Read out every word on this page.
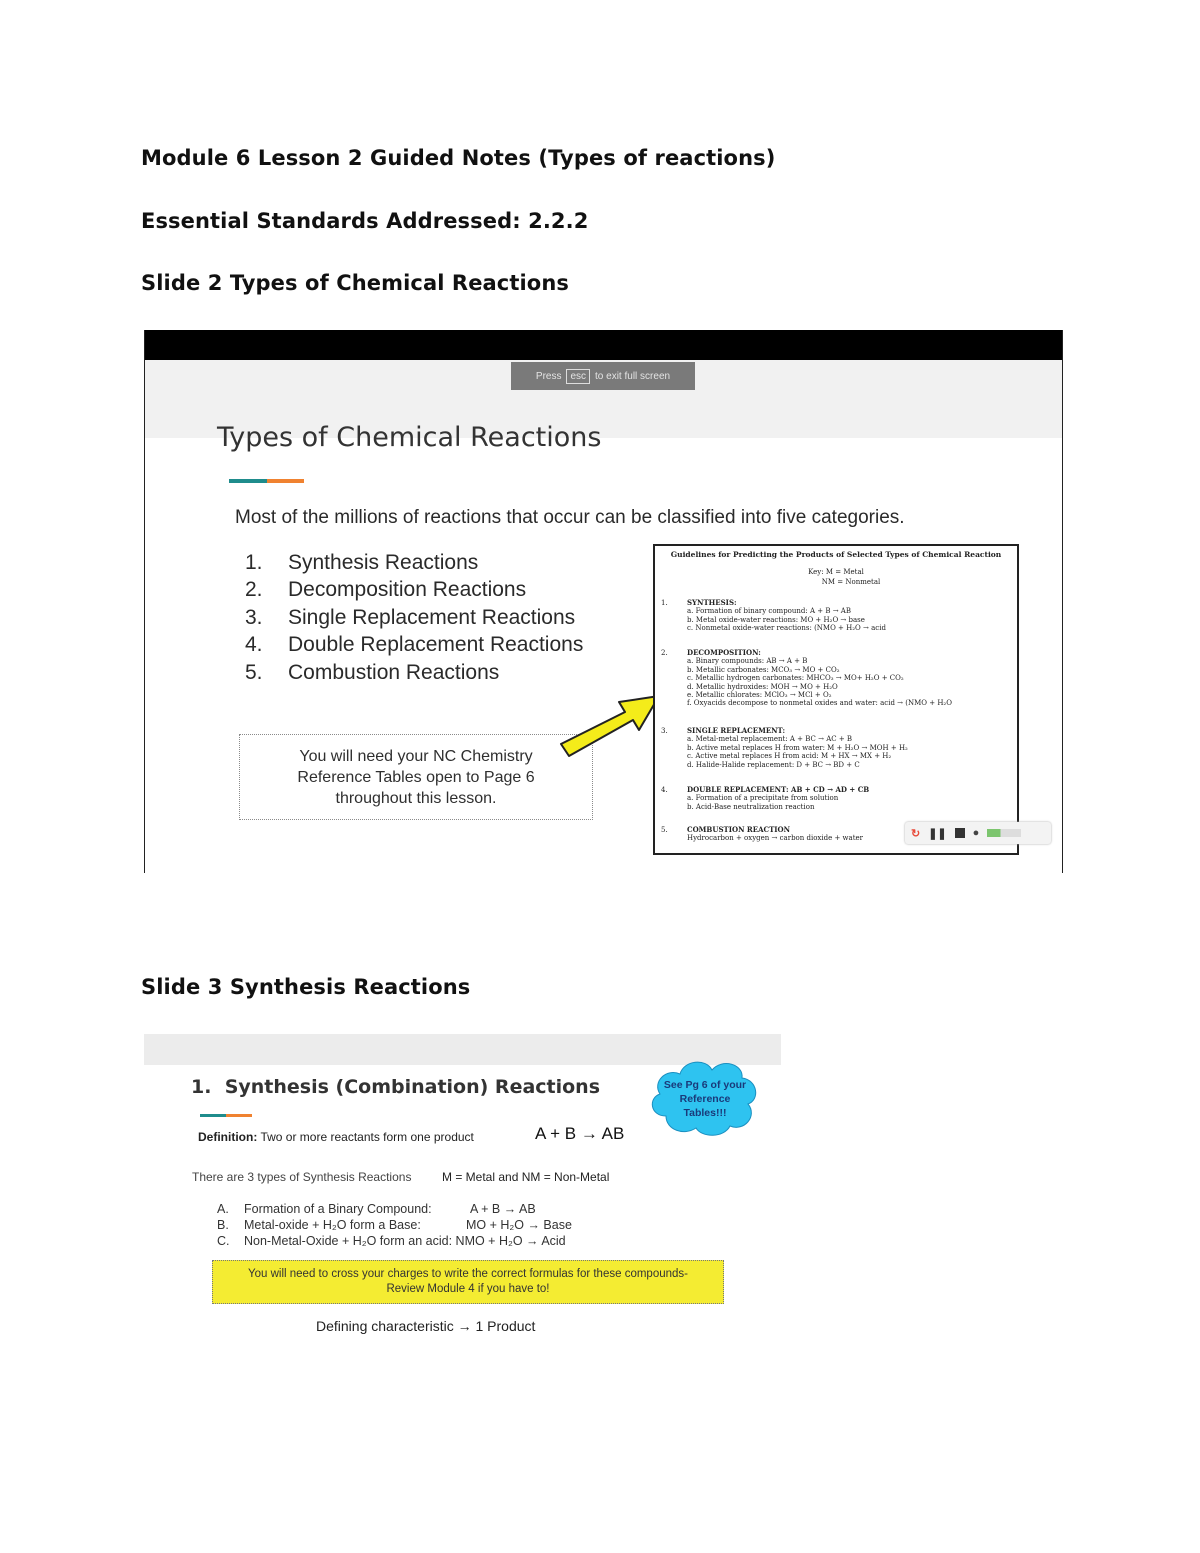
Module 6 Lesson 2 Guided Notes (Types of reactions)
Essential Standards Addressed: 2.2.2
Slide 2 Types of Chemical Reactions
Press esc to exit full screen
Types of Chemical Reactions
Most of the millions of reactions that occur can be classified into five categories.
1.	Synthesis Reactions
2.	Decomposition Reactions
3.	Single Replacement Reactions
4.	Double Replacement Reactions
5.	Combustion Reactions
You will need your NC Chemistry Reference Tables open to Page 6 throughout this lesson.
Guidelines for Predicting the Products of Selected Types of Chemical Reaction
Key: M = Metal
NM = Nonmetal
1.	SYNTHESIS:
a. Formation of binary compound: A + B → AB
b. Metal oxide-water reactions: MO + H₂O → base
c. Nonmetal oxide-water reactions: (NMO + H₂O → acid
2.	DECOMPOSITION:
a. Binary compounds: AB → A + B
b. Metallic carbonates: MCO₃ → MO + CO₂
c. Metallic hydrogen carbonates: MHCO₃ → MO+ H₂O + CO₂
d. Metallic hydroxides: MOH → MO + H₂O
e. Metallic chlorates: MClO₃ → MCl + O₂
f. Oxyacids decompose to nonmetal oxides and water: acid → (NMO + H₂O
3.	SINGLE REPLACEMENT:
a. Metal-metal replacement: A + BC → AC + B
b. Active metal replaces H from water: M + H₂O → MOH + H₂
c. Active metal replaces H from acid: M + HX → MX + H₂
d. Halide-Halide replacement: D + BC → BD + C
4.	DOUBLE REPLACEMENT: AB + CD → AD + CB
a. Formation of a precipitate from solution
b. Acid-Base neutralization reaction
5.	COMBUSTION REACTION
Hydrocarbon + oxygen → carbon dioxide + water	↻ ❚❚ ●
Slide 3 Synthesis Reactions
1. Synthesis (Combination) Reactions	See Pg 6 of your Reference Tables!!!
Definition: Two or more reactants form one product	A + B → AB
There are 3 types of Synthesis Reactions	M = Metal and NM = Non-Metal
A. Formation of a Binary Compound:	A + B → AB
B. Metal-oxide + H₂O form a Base:	MO + H₂O → Base
C. Non-Metal-Oxide + H₂O form an acid: NMO + H₂O → Acid
You will need to cross your charges to write the correct formulas for these compounds- Review Module 4 if you have to!
Defining characteristic → 1 Product
